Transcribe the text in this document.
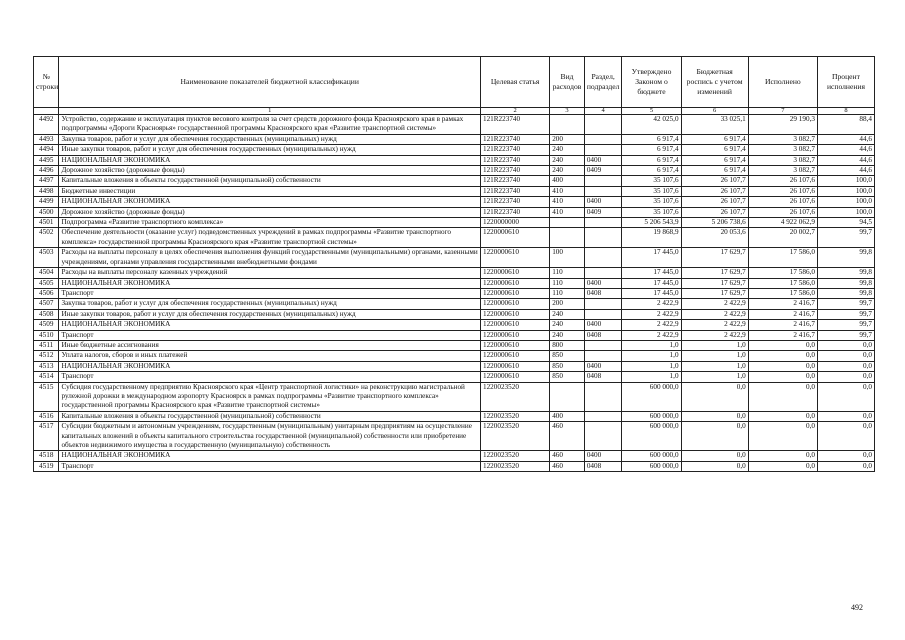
№ строки	Наименование показателей бюджетной классификации	Целевая статья	Вид расходов	Раздел, подраздел	Утверждено Законом о бюджете	Бюджетная роспись с учетом изменений	Исполнено	Процент исполнения
	1	2	3	4	5	6	7	8
4492	Устройство, содержание и эксплуатация пунктов весового контроля за счет средств дорожного фонда Красноярского края в рамках подпрограммы «Дороги Красноярья» государственной программы Красноярского края «Развитие транспортной системы»	121R223740			42 025,0	33 025,1	29 190,3	88,4
4493	Закупка товаров, работ и услуг для обеспечения государственных (муниципальных) нужд	121R223740	200		6 917,4	6 917,4	3 082,7	44,6
4494	Иные закупки товаров, работ и услуг для обеспечения государственных (муниципальных) нужд	121R223740	240		6 917,4	6 917,4	3 082,7	44,6
4495	НАЦИОНАЛЬНАЯ ЭКОНОМИКА	121R223740	240	0400	6 917,4	6 917,4	3 082,7	44,6
4496	Дорожное хозяйство (дорожные фонды)	121R223740	240	0409	6 917,4	6 917,4	3 082,7	44,6
4497	Капитальные вложения в объекты государственной (муниципальной) собственности	121R223740	400		35 107,6	26 107,7	26 107,6	100,0
4498	Бюджетные инвестиции	121R223740	410		35 107,6	26 107,7	26 107,6	100,0
4499	НАЦИОНАЛЬНАЯ ЭКОНОМИКА	121R223740	410	0400	35 107,6	26 107,7	26 107,6	100,0
4500	Дорожное хозяйство (дорожные фонды)	121R223740	410	0409	35 107,6	26 107,7	26 107,6	100,0
4501	Подпрограмма «Развитие транспортного комплекса»	1220000000			5 206 543,9	5 206 738,6	4 922 062,9	94,5
4502	Обеспечение деятельности (оказание услуг) подведомственных учреждений в рамках подпрограммы «Развитие транспортного комплекса» государственной программы Красноярского края «Развитие транспортной системы»	1220000610			19 868,9	20 053,6	20 002,7	99,7
4503	Расходы на выплаты персоналу в целях обеспечения выполнения функций государственными (муниципальными) органами, казенными учреждениями, органами управления государственными внебюджетными фондами	1220000610	100		17 445,0	17 629,7	17 586,0	99,8
4504	Расходы на выплаты персоналу казенных учреждений	1220000610	110		17 445,0	17 629,7	17 586,0	99,8
4505	НАЦИОНАЛЬНАЯ ЭКОНОМИКА	1220000610	110	0400	17 445,0	17 629,7	17 586,0	99,8
4506	Транспорт	1220000610	110	0408	17 445,0	17 629,7	17 586,0	99,8
4507	Закупка товаров, работ и услуг для обеспечения государственных (муниципальных) нужд	1220000610	200		2 422,9	2 422,9	2 416,7	99,7
4508	Иные закупки товаров, работ и услуг для обеспечения государственных (муниципальных) нужд	1220000610	240		2 422,9	2 422,9	2 416,7	99,7
4509	НАЦИОНАЛЬНАЯ ЭКОНОМИКА	1220000610	240	0400	2 422,9	2 422,9	2 416,7	99,7
4510	Транспорт	1220000610	240	0408	2 422,9	2 422,9	2 416,7	99,7
4511	Иные бюджетные ассигнования	1220000610	800		1,0	1,0	0,0	0,0
4512	Уплата налогов, сборов и иных платежей	1220000610	850		1,0	1,0	0,0	0,0
4513	НАЦИОНАЛЬНАЯ ЭКОНОМИКА	1220000610	850	0400	1,0	1,0	0,0	0,0
4514	Транспорт	1220000610	850	0408	1,0	1,0	0,0	0,0
4515	Субсидия государственному предприятию Красноярского края «Центр транспортной логистики» на реконструкцию магистральной рулежной дорожки в международном аэропорту Красноярск в рамках подпрограммы «Развитие транспортного комплекса» государственной программы Красноярского края «Развитие транспортной системы»	1220023520			600 000,0	0,0	0,0	0,0
4516	Капитальные вложения в объекты государственной (муниципальной) собственности	1220023520	400		600 000,0	0,0	0,0	0,0
4517	Субсидии бюджетным и автономным учреждениям, государственным (муниципальным) унитарным предприятиям на осуществление капитальных вложений в объекты капитального строительства государственной (муниципальной) собственности или приобретение объектов недвижимого имущества в государственную (муниципальную) собственность	1220023520	460		600 000,0	0,0	0,0	0,0
4518	НАЦИОНАЛЬНАЯ ЭКОНОМИКА	1220023520	460	0400	600 000,0	0,0	0,0	0,0
4519	Транспорт	1220023520	460	0408	600 000,0	0,0	0,0	0,0
492
